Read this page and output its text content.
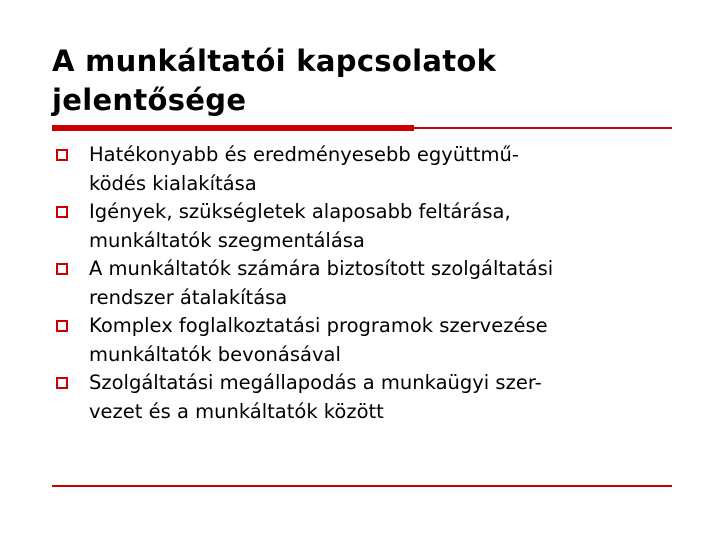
A munkáltatói kapcsolatok
jelentősége
Hatékonyabb és eredményesebb együttmű-
ködés kialakítása
Igények, szükségletek alaposabb feltárása,
munkáltatók szegmentálása
A munkáltatók számára biztosított szolgáltatási
rendszer átalakítása
Komplex foglalkoztatási programok szervezése
munkáltatók bevonásával
Szolgáltatási megállapodás a munkaügyi szer-
vezet és a munkáltatók között
